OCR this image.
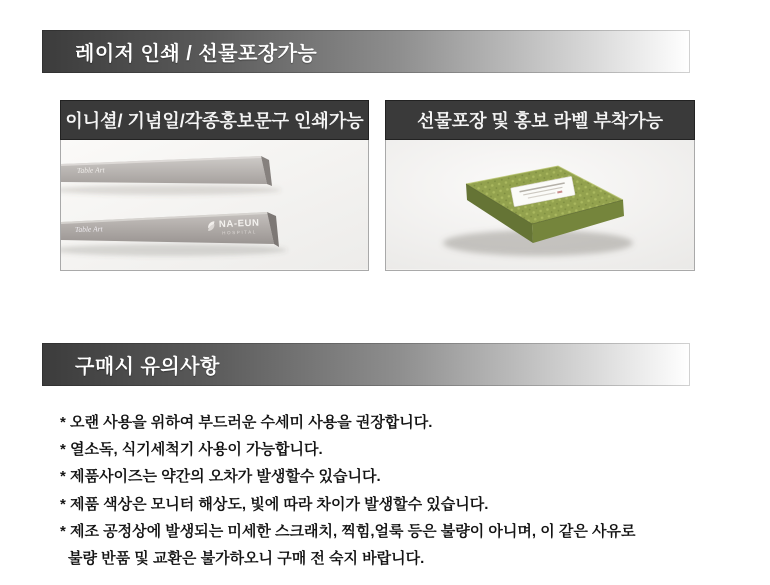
레이저 인쇄 / 선물포장가능
이니셜/ 기념일/각종홍보문구 인쇄가능
Table Art
Table Art	NA-EUN
HOSPITAL
선물포장 및 홍보 라벨 부착가능
구매시 유의사항
* 오랜 사용을 위하여 부드러운 수세미 사용을 권장합니다.
* 열소독, 식기세척기 사용이 가능합니다.
* 제품사이즈는 약간의 오차가 발생할수 있습니다.
* 제품 색상은 모니터 해상도, 빛에 따라 차이가 발생할수 있습니다.
* 제조 공정상에 발생되는 미세한 스크래치, 찍힘,얼룩 등은 불량이 아니며, 이 같은 사유로
불량 반품 및 교환은 불가하오니 구매 전 숙지 바랍니다.
